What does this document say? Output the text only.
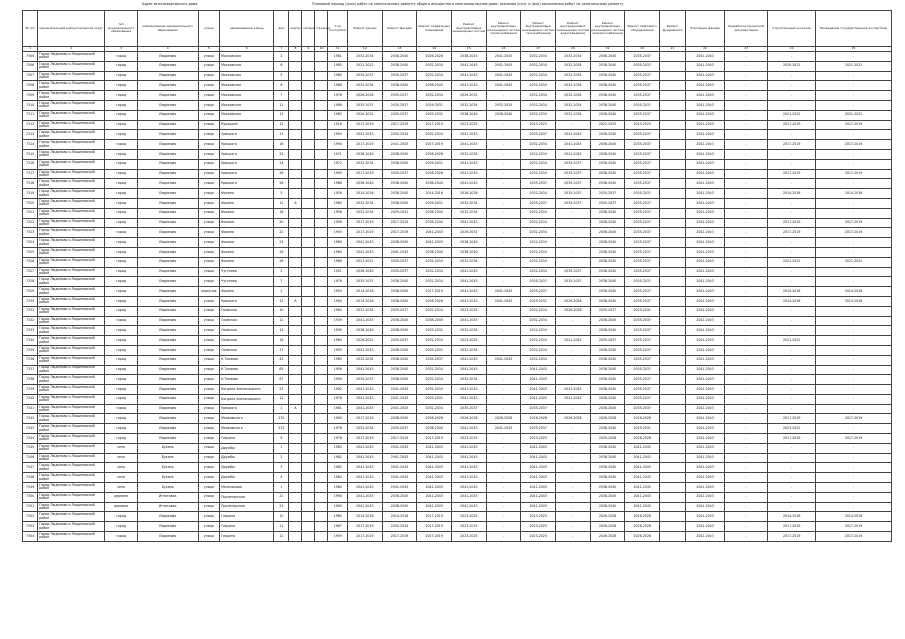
Адрес многоквартирного дома	Плановый период (срок) работ по капитальному ремонту общего имущества в многоквартирном доме, оказания услуг и (или) выполнения работ по капитальному ремонту
№ п/п	муниципальный район/городской округ	тип муниципального образования	наименование муниципального образования	улица	наименование улицы	дом	корпус	литера	строение	Год постройки	Ремонт крыши	Ремонт фасада	Ремонт подвальных помещений	Ремонт внутридомовых инженерных систем	Ремонт внутридомовых инженерных систем теплоснабжения	Ремонт внутридомовых инженерных систем газоснабжения	Ремонт внутридомовых инженерных систем водоотведения	Ремонт внутридомовых инженерных систем электроснабжения	Ремонт лифтового оборудования	Ремонт фундамента	Утепление фасада	Разработка проектной документации	Строительный контроль	Проведение государственной экспертизы
1	2	3	4	5	6	7	8	9	10	11	12	13	14	15	16	17	18	19	20	21	22	23	24	25
7305	Город Людиново и Людиновский район	город	Людиново	улица	Московская	2				1981	2032-2034	2038-2040	2026-2028	2038-2043	2041-2043	2032-2034	2032-2034	2038-2040	2035-2037		2041-2043	-	-	-
7306	Город Людиново и Людиновский район	город	Людиново	улица	Московская	6				1985	2021-2022	2038-2040	2032-2034	2041-2043	2041-2043	2032-2034	2032-2034	2038-2040	2035-2037		2041-2043	-	2020-2022	2021-2022
7307	Город Людиново и Людиновский район	город	Людиново	улица	Московская	5				1985	2035-2037	2035-2037	2032-2034	2041-2043	2041-2043	2032-2034	2032-2034	2038-2040	2035-2037		2041-2043	-	-	-
7308	Город Людиново и Людиновский район	город	Людиново	улица	Московская	6				1986	2032-2034	2038-2040	2038-2040	2041-2043	2041-2043	2032-2034	2032-2034	2038-2040	2035-2037		2041-2043	-	-	-
7309	Город Людиново и Людиновский район	город	Людиново	улица	Московская	7				1976	2026-2028	2035-2037	2032-2034	2029-2031	-	2032-2034	2032-2034	2038-2040	2035-2037		2041-2043	-	-	-
7310	Город Людиново и Людиновский район	город	Людиново	улица	Московская	11				1988	2035-2037	2035-2037	2029-2031	2032-2034	2032-2034	2032-2034	2032-2034	2038-2040	2035-2037		2041-2043	-	-	-
7311	Город Людиново и Людиновский район	город	Людиново	улица	Московская	13				1983	2020-2022	2035-2037	2029-2031	2038-2040	2038-2040	2032-2034	2032-2034	2038-2040	2035-2037		2041-2043	-	2021-2022	2021-2022
7312	Город Людиново и Людиновский район	город	Людиново	улица	Курацкий	12				1918	2017-2019	2017-2019	2017-2019	2023-2025	-	2023-2025	-	2023-2025	2023-2025		2041-2043	-	2017-2019	2017-2019
7313	Город Людиново и Людиновский район	город	Людиново	улица	Урицкого	13				1954	2041-2043	2032-2034	2032-2034	2041-2043	-	2035-2037	2041-2043	2038-2040	2035-2037		2041-2043	-	-	-
7314	Город Людиново и Людиновский район	город	Людиново	улица	Урицкого	16				1990	2017-2019	2041-2043	2017-2019	2041-2043	-	2032-2034	2041-2043	2038-2040	2035-2037		2041-2043	-	2017-2019	2017-2019
7315	Город Людиново и Людиновский район	город	Людиново	улица	Урицкого	22				1971	2038-2040	2038-2040	2026-2028	2032-2034	-	2032-2034	2041-2043	2038-2040	2035-2037		2041-2043	-	-	-
7316	Город Людиново и Людиновский район	город	Людиново	улица	Урицкого	24				1972	2032-2034	2038-2040	2029-2031	2041-2043	-	2032-2034	2035-2037	2038-2040	2035-2037		2041-2043	-	-	-
7317	Город Людиново и Людиновский район	город	Людиново	улица	Урицкого	26				1995	2017-2019	2035-2037	2026-2028	2041-2043	-	2032-2034	2035-2037	2038-2040	2035-2037		2041-2043	-	2017-2019	2017-2019
7318	Город Людиново и Людиновский район	город	Людиново	улица	Урицкого	28				1986	2038-2040	2038-2040	2038-2040	2041-2043	-	2035-2037	2035-2037	2038-2040	2035-2037		2041-2043	-	-	-
7319	Город Людиново и Людиновский район	город	Людиново	улица	Фокина	5				1926	2014-2016	2038-2040	2014-2016	2026-2028	-	2032-2034	2035-2037	2035-2037	2035-2037		2041-2043	-	2014-2016	2014-2016
7320	Город Людиново и Людиновский район	город	Людиново	улица	Фокина	12	А			1965	2032-2034	2038-2040	2029-2031	2032-2034	-	2035-2037	2035-2037	2035-2037	2035-2037		2041-2043	-	-	-
7321	Город Людиново и Людиновский район	город	Людиново	улица	Фокина	18				1958	2032-2034	2029-2031	2038-2040	2032-2034	-	2032-2034	-	2038-2040	2035-2037		2041-2043	-	-	-
7322	Город Людиново и Людиновский район	город	Людиново	улица	Фокина	20				1958	2017-2019	2017-2019	2038-2040	2041-2043	-	2032-2034	-	2038-2040	2035-2037		2041-2043	-	2017-2019	2017-2019
7323	Город Людиново и Людиновский район	город	Людиново	улица	Фокина	22				1955	2017-2019	2017-2019	2041-2043	2029-2031	-	2032-2034	-	2038-2040	2035-2037		2041-2043	-	2017-2019	2017-2019
7324	Город Людиново и Людиновский район	город	Людиново	улица	Фокина	24				1960	2041-2043	2038-2040	2041-2043	2038-2040	-	2032-2034	-	2038-2040	2035-2037		2041-2043	-	-	-
7325	Город Людиново и Людиновский район	город	Людиново	улица	Фокина	26				1960	2041-2043	2041-2043	2038-2040	2038-2040	-	2032-2034	-	2038-2040	2035-2037		2041-2043	-	-	-
7326	Город Людиново и Людиновский район	город	Людиново	улица	Фокина	28				1989	2021-2022	2035-2037	2032-2034	2032-2034	-	2032-2034	-	2038-2040	2035-2037		2041-2043	-	2021-2022	2021-2022
7327	Город Людиново и Людиновский район	город	Людиново	улица	Чугунова	2				1951	2038-2040	2035-2037	2032-2034	2041-2043	-	2032-2034	2035-2037	2038-2040	2035-2037		2041-2043	-	-	-
7328	Город Людиново и Людиновский район	город	Людиново	улица	Чугунова	7				1976	2035-2037	2038-2040	2032-2034	2041-2043	-	2035-2037	2035-2037	2038-2040	2035-2037		2041-2043	-	-	-
7329	Город Людиново и Людиновский район	город	Людиново	переулок	Фокина	1				1954	2014-2016	2038-2040	2017-2019	2041-2043	2041-2043	2035-2037	-	2038-2040	2035-2037		2041-2043	-	2014-2016	2014-2016
7330	Город Людиново и Людиновский район	город	Людиново	улица	Урицкого	12	А			1994	2014-2016	2038-2040	2026-2028	2041-2043	2041-2043	2029-2031	2026-2028	2038-2040	2035-2037		2041-2043	-	2014-2016	2014-2016
7331	Город Людиново и Людиновский район	город	Людиново	улица	Осовская	10				1964	2032-2034	2035-2037	2032-2034	2023-2025	-	2032-2034	2026-2028	2035-2037	2029-2031		2041-2043	-	-	-
7332	Город Людиново и Людиновский район	город	Людиново	улица	Осовская	12				1939	2041-2043	2038-2040	2038-2040	2041-2043	-	2032-2034	-	2038-2040	2035-2037		2041-2043	-	-	-
7333	Город Людиново и Людиновский район	город	Людиново	улица	Осовская	14				1939	2038-2040	2038-2040	2029-2031	2032-2034	-	2032-2034	-	2038-2040	2035-2037		2041-2043	-	-	-
7334	Город Людиново и Людиновский район	город	Людиново	улица	Осовская	16				1964	2026-2022	2035-2037	2032-2034	2023-2025	-	2032-2034	2041-2043	2035-2037	2035-2037		2041-2043	-	2021-2022	-
7335	Город Людиново и Людиновский район	город	Людиново	улица	Осовская	17				1955	2041-2043	2038-2040	2029-2031	2032-2034	-	2032-2034	-	2038-2040	2035-2037		2041-2043	-	-	-
7336	Город Людиново и Людиновский район	город	Людиново	улица	К.Токаева	43				1965	2032-2034	2038-2040	2035-2037	2041-2043	2041-2043	2032-2034	-	2038-2040	2035-2037		2041-2043	-	-	-
7337	Город Людиново и Людиновский район	город	Людиново	улица	К.Токаева	65				1956	2041-2043	2038-2040	2032-2034	2041-2043	-	2041-2043	-	2038-2040	2035-2037		2041-2043	-	-	-
7338	Город Людиново и Людиновский район	город	Людиново	улица	К.Токаева	67				1990	2035-2037	2038-2040	2032-2034	2032-2034	-	2041-2043	-	2038-2040	2035-2037		2041-2043	-	-	-
7339	Город Людиново и Людиновский район	город	Людиново	улица	Богдана Хмельницкого	23				1992	2041-2043	2041-2043	2032-2034	2041-2043	-	2041-2043	2041-2043	2038-2040	2035-2037		2041-2043	-	-	-
7340	Город Людиново и Людиновский район	город	Людиново	улица	Богдана Хмельницкого	12				1978	2041-2043	2041-2043	2029-2031	2041-2043	-	2041-2043	2041-2043	2038-2040	2035-2037		2041-2043	-	-	-
7341	Город Людиново и Людиновский район	город	Людиново	улица	Урицкого	1	А			1981	2041-2043	2041-2043	2032-2034	2035-2037	-	2035-2037	-	2038-2040	2035-2037		2041-2043	-	-	-
7342	Город Людиново и Людиновский район	город	Людиново	улица	Маяковского	270				1990	2017-2019	2038-2040	2026-2028	2026-2028	2026-2028	2026-2028	2026-2028	2026-2028	2026-2028		2041-2043	-	2017-2019	2017-2019
7343	Город Людиново и Людиновский район	город	Людиново	улица	Маяковского	272				1978	2032-2034	2035-2037	2038-2040	2041-2043	2041-2043	2035-2037	-	2038-2040	2029-2031		2041-2043	-	2023-2022	-
7344	Город Людиново и Людиновский район	город	Людиново	улица	Герцена	9				1978	2017-2019	2017-2019	2017-2019	2023-2025	-	2023-2025	-	2029-2028	2026-2028		2041-2043	-	2017-2019	2017-2019
7345	Город Людиново и Людиновский район	село	Букань	улица	Дружбы	1				1983	2041-2043	2041-2043	2041-2043	2041-2043	-	2041-2043	-	2038-2040	2041-2043		2041-2043	-	-	-
7346	Город Людиново и Людиновский район	село	Букань	улица	Дружбы	2				1982	2041-2043	2041-2043	2041-2043	2041-2043	-	2041-2043	-	2038-2040	2041-2043		2041-2043	-	-	-
7347	Город Людиново и Людиновский район	село	Букань	улица	Дружбы	3				1982	2041-2043	2041-2043	2041-2043	2041-2043	-	2041-2043	-	2038-2040	2041-2043		2041-2043	-	-	-
7348	Город Людиново и Людиновский район	село	Букань	улица	Дружбы	4				1984	2041-2043	2041-2043	2041-2043	2041-2043	-	2041-2043	-	2038-2040	2041-2043		2041-2043	-	-	-
7349	Город Людиново и Людиновский район	село	Букань	улица	Мельникова	1				1984	2041-2043	2041-2043	2041-2043	2041-2043	-	2041-2043	-	2038-2040	2041-2043		2041-2043	-	-	-
7350	Город Людиново и Людиновский район	деревня	Игнатовка	улица	Пролетарская	22				1990	2041-2043	2038-2040	2041-2043	2041-2043	-	2041-2043	-	2038-2040	2041-2043		2041-2043	-	-	-
7351	Город Людиново и Людиновский район	деревня	Игнатовка	улица	Пролетарская	23				1990	2041-2043	2038-2040	2041-2043	2041-2043	-	2041-2043	-	2038-2040	2041-2043		2041-2043	-	-	-
7352	Город Людиново и Людиновский район	город	Людиново	улица	Герцена	10				1965	2014-2016	2014-2016	2017-2019	2023-2025	-	2023-2025	-	2026-2028	2026-2028		2041-2043	-	2014-2016	2014-2016
7353	Город Людиново и Людиновский район	город	Людиново	улица	Герцена	11				1967	2017-2019	2032-2034	2017-2019	2023-2025	-	2023-2025	-	2026-2028	2026-2028		2041-2043	-	2017-2019	2017-2019
7354	Город Людиново и Людиновский район	город	Людиново	улица	Герцена	12				1959	2017-2019	2017-2019	2017-2019	2023-2025	-	2023-2025	-	2026-2028	2026-2028		2041-2043	-	2017-2019	2017-2019
